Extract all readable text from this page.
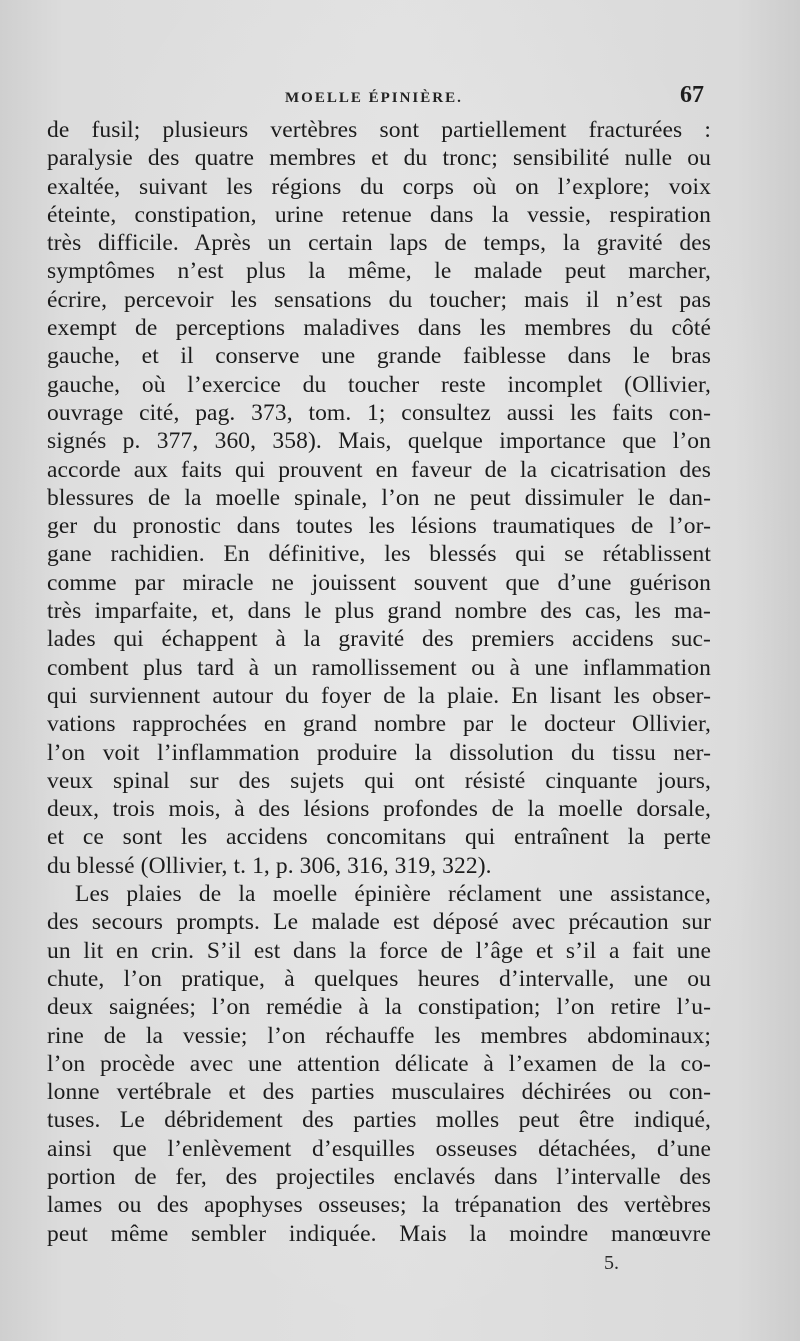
MOELLE ÉPINIÈRE.	67
de fusil; plusieurs vertèbres sont partiellement fracturées :
paralysie des quatre membres et du tronc; sensibilité nulle ou
exaltée, suivant les régions du corps où on l’explore; voix
éteinte, constipation, urine retenue dans la vessie, respiration
très difficile. Après un certain laps de temps, la gravité des
symptômes n’est plus la même, le malade peut marcher,
écrire, percevoir les sensations du toucher; mais il n’est pas
exempt de perceptions maladives dans les membres du côté
gauche, et il conserve une grande faiblesse dans le bras
gauche, où l’exercice du toucher reste incomplet (Ollivier,
ouvrage cité, pag. 373, tom. 1; consultez aussi les faits con-
signés p. 377, 360, 358). Mais, quelque importance que l’on
accorde aux faits qui prouvent en faveur de la cicatrisation des
blessures de la moelle spinale, l’on ne peut dissimuler le dan-
ger du pronostic dans toutes les lésions traumatiques de l’or-
gane rachidien. En définitive, les blessés qui se rétablissent
comme par miracle ne jouissent souvent que d’une guérison
très imparfaite, et, dans le plus grand nombre des cas, les ma-
lades qui échappent à la gravité des premiers accidens suc-
combent plus tard à un ramollissement ou à une inflammation
qui surviennent autour du foyer de la plaie. En lisant les obser-
vations rapprochées en grand nombre par le docteur Ollivier,
l’on voit l’inflammation produire la dissolution du tissu ner-
veux spinal sur des sujets qui ont résisté cinquante jours,
deux, trois mois, à des lésions profondes de la moelle dorsale,
et ce sont les accidens concomitans qui entraînent la perte
du blessé (Ollivier, t. 1, p. 306, 316, 319, 322).
Les plaies de la moelle épinière réclament une assistance,
des secours prompts. Le malade est déposé avec précaution sur
un lit en crin. S’il est dans la force de l’âge et s’il a fait une
chute, l’on pratique, à quelques heures d’intervalle, une ou
deux saignées; l’on remédie à la constipation; l’on retire l’u-
rine de la vessie; l’on réchauffe les membres abdominaux;
l’on procède avec une attention délicate à l’examen de la co-
lonne vertébrale et des parties musculaires déchirées ou con-
tuses. Le débridement des parties molles peut être indiqué,
ainsi que l’enlèvement d’esquilles osseuses détachées, d’une
portion de fer, des projectiles enclavés dans l’intervalle des
lames ou des apophyses osseuses; la trépanation des vertèbres
peut même sembler indiquée. Mais la moindre manœuvre
5.
